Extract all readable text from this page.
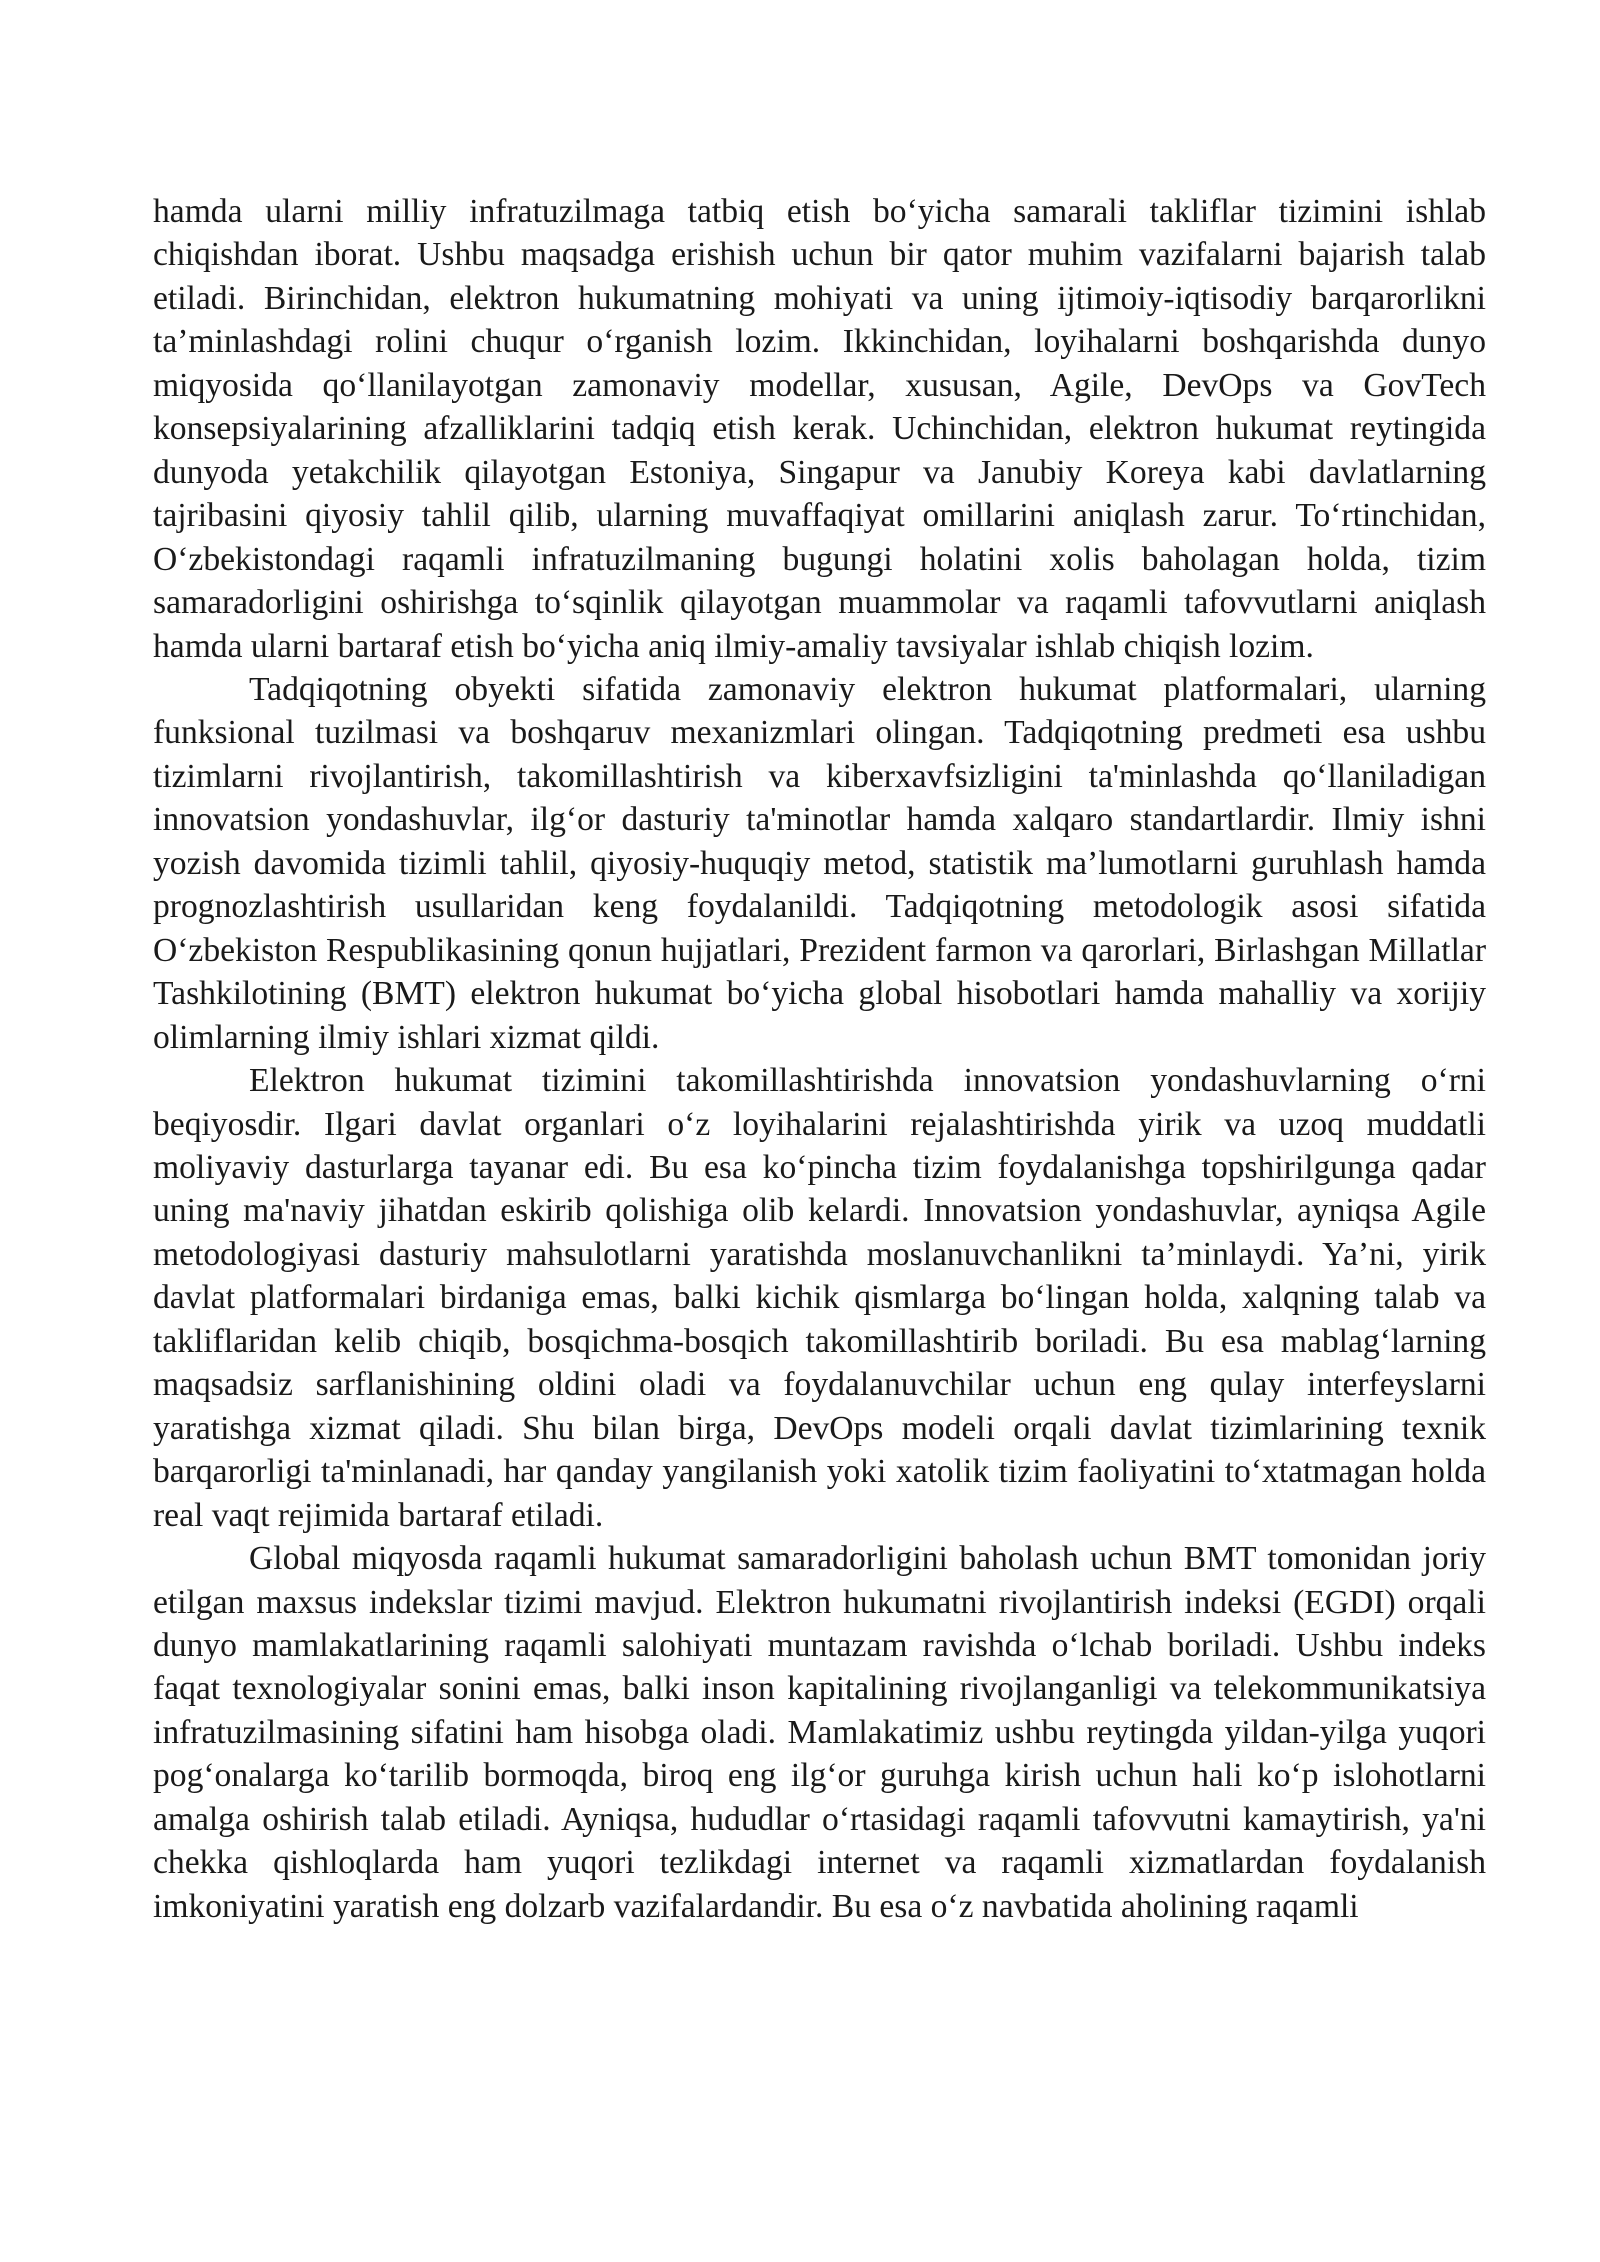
hamda ularni milliy infratuzilmaga tatbiq etish bo‘yicha samarali takliflar tizimini ishlab chiqishdan iborat. Ushbu maqsadga erishish uchun bir qator muhim vazifalarni bajarish talab etiladi. Birinchidan, elektron hukumatning mohiyati va uning ijtimoiy-iqtisodiy barqarorlikni ta’minlashdagi rolini chuqur o‘rganish lozim. Ikkinchidan, loyihalarni boshqarishda dunyo miqyosida qo‘llanilayotgan zamonaviy modellar, xususan, Agile, DevOps va GovTech konsepsiyalarining afzalliklarini tadqiq etish kerak. Uchinchidan, elektron hukumat reytingida dunyoda yetakchilik qilayotgan Estoniya, Singapur va Janubiy Koreya kabi davlatlarning tajribasini qiyosiy tahlil qilib, ularning muvaffaqiyat omillarini aniqlash zarur. To‘rtinchidan, O‘zbekistondagi raqamli infratuzilmaning bugungi holatini xolis baholagan holda, tizim samaradorligini oshirishga to‘sqinlik qilayotgan muammolar va raqamli tafovvutlarni aniqlash hamda ularni bartaraf etish bo‘yicha aniq ilmiy-amaliy tavsiyalar ishlab chiqish lozim.

Tadqiqotning obyekti sifatida zamonaviy elektron hukumat platformalari, ularning funksional tuzilmasi va boshqaruv mexanizmlari olingan. Tadqiqotning predmeti esa ushbu tizimlarni rivojlantirish, takomillashtirish va kiberxavfsizligini ta'minlashda qo‘llaniladigan innovatsion yondashuvlar, ilg‘or dasturiy ta'minotlar hamda xalqaro standartlardir. Ilmiy ishni yozish davomida tizimli tahlil, qiyosiy-huquqiy metod, statistik ma’lumotlarni guruhlash hamda prognozlashtirish usullaridan keng foydalanildi. Tadqiqotning metodologik asosi sifatida O‘zbekiston Respublikasining qonun hujjatlari, Prezident farmon va qarorlari, Birlashgan Millatlar Tashkilotining (BMT) elektron hukumat bo‘yicha global hisobotlari hamda mahalliy va xorijiy olimlarning ilmiy ishlari xizmat qildi.

Elektron hukumat tizimini takomillashtirishda innovatsion yondashuvlarning o‘rni beqiyosdir. Ilgari davlat organlari o‘z loyihalarini rejalashtirishda yirik va uzoq muddatli moliyaviy dasturlarga tayanar edi. Bu esa ko‘pincha tizim foydalanishga topshirilgunga qadar uning ma'naviy jihatdan eskirib qolishiga olib kelardi. Innovatsion yondashuvlar, ayniqsa Agile metodologiyasi dasturiy mahsulotlarni yaratishda moslanuvchanlikni ta’minlaydi. Ya’ni, yirik davlat platformalari birdaniga emas, balki kichik qismlarga bo‘lingan holda, xalqning talab va takliflaridan kelib chiqib, bosqichma-bosqich takomillashtirib boriladi. Bu esa mablag‘larning maqsadsiz sarflanishining oldini oladi va foydalanuvchilar uchun eng qulay interfeyslarni yaratishga xizmat qiladi. Shu bilan birga, DevOps modeli orqali davlat tizimlarining texnik barqarorligi ta'minlanadi, har qanday yangilanish yoki xatolik tizim faoliyatini to‘xtatmagan holda real vaqt rejimida bartaraf etiladi.

Global miqyosda raqamli hukumat samaradorligini baholash uchun BMT tomonidan joriy etilgan maxsus indekslar tizimi mavjud. Elektron hukumatni rivojlantirish indeksi (EGDI) orqali dunyo mamlakatlarining raqamli salohiyati muntazam ravishda o‘lchab boriladi. Ushbu indeks faqat texnologiyalar sonini emas, balki inson kapitalining rivojlanganligi va telekommunikatsiya infratuzilmasining sifatini ham hisobga oladi. Mamlakatimiz ushbu reytingda yildan-yilga yuqori pog‘onalarga ko‘tarilib bormoqda, biroq eng ilg‘or guruhga kirish uchun hali ko‘p islohotlarni amalga oshirish talab etiladi. Ayniqsa, hududlar o‘rtasidagi raqamli tafovvutni kamaytirish, ya'ni chekka qishloqlarda ham yuqori tezlikdagi internet va raqamli xizmatlardan foydalanish imkoniyatini yaratish eng dolzarb vazifalardandir. Bu esa o‘z navbatida aholining raqamli
